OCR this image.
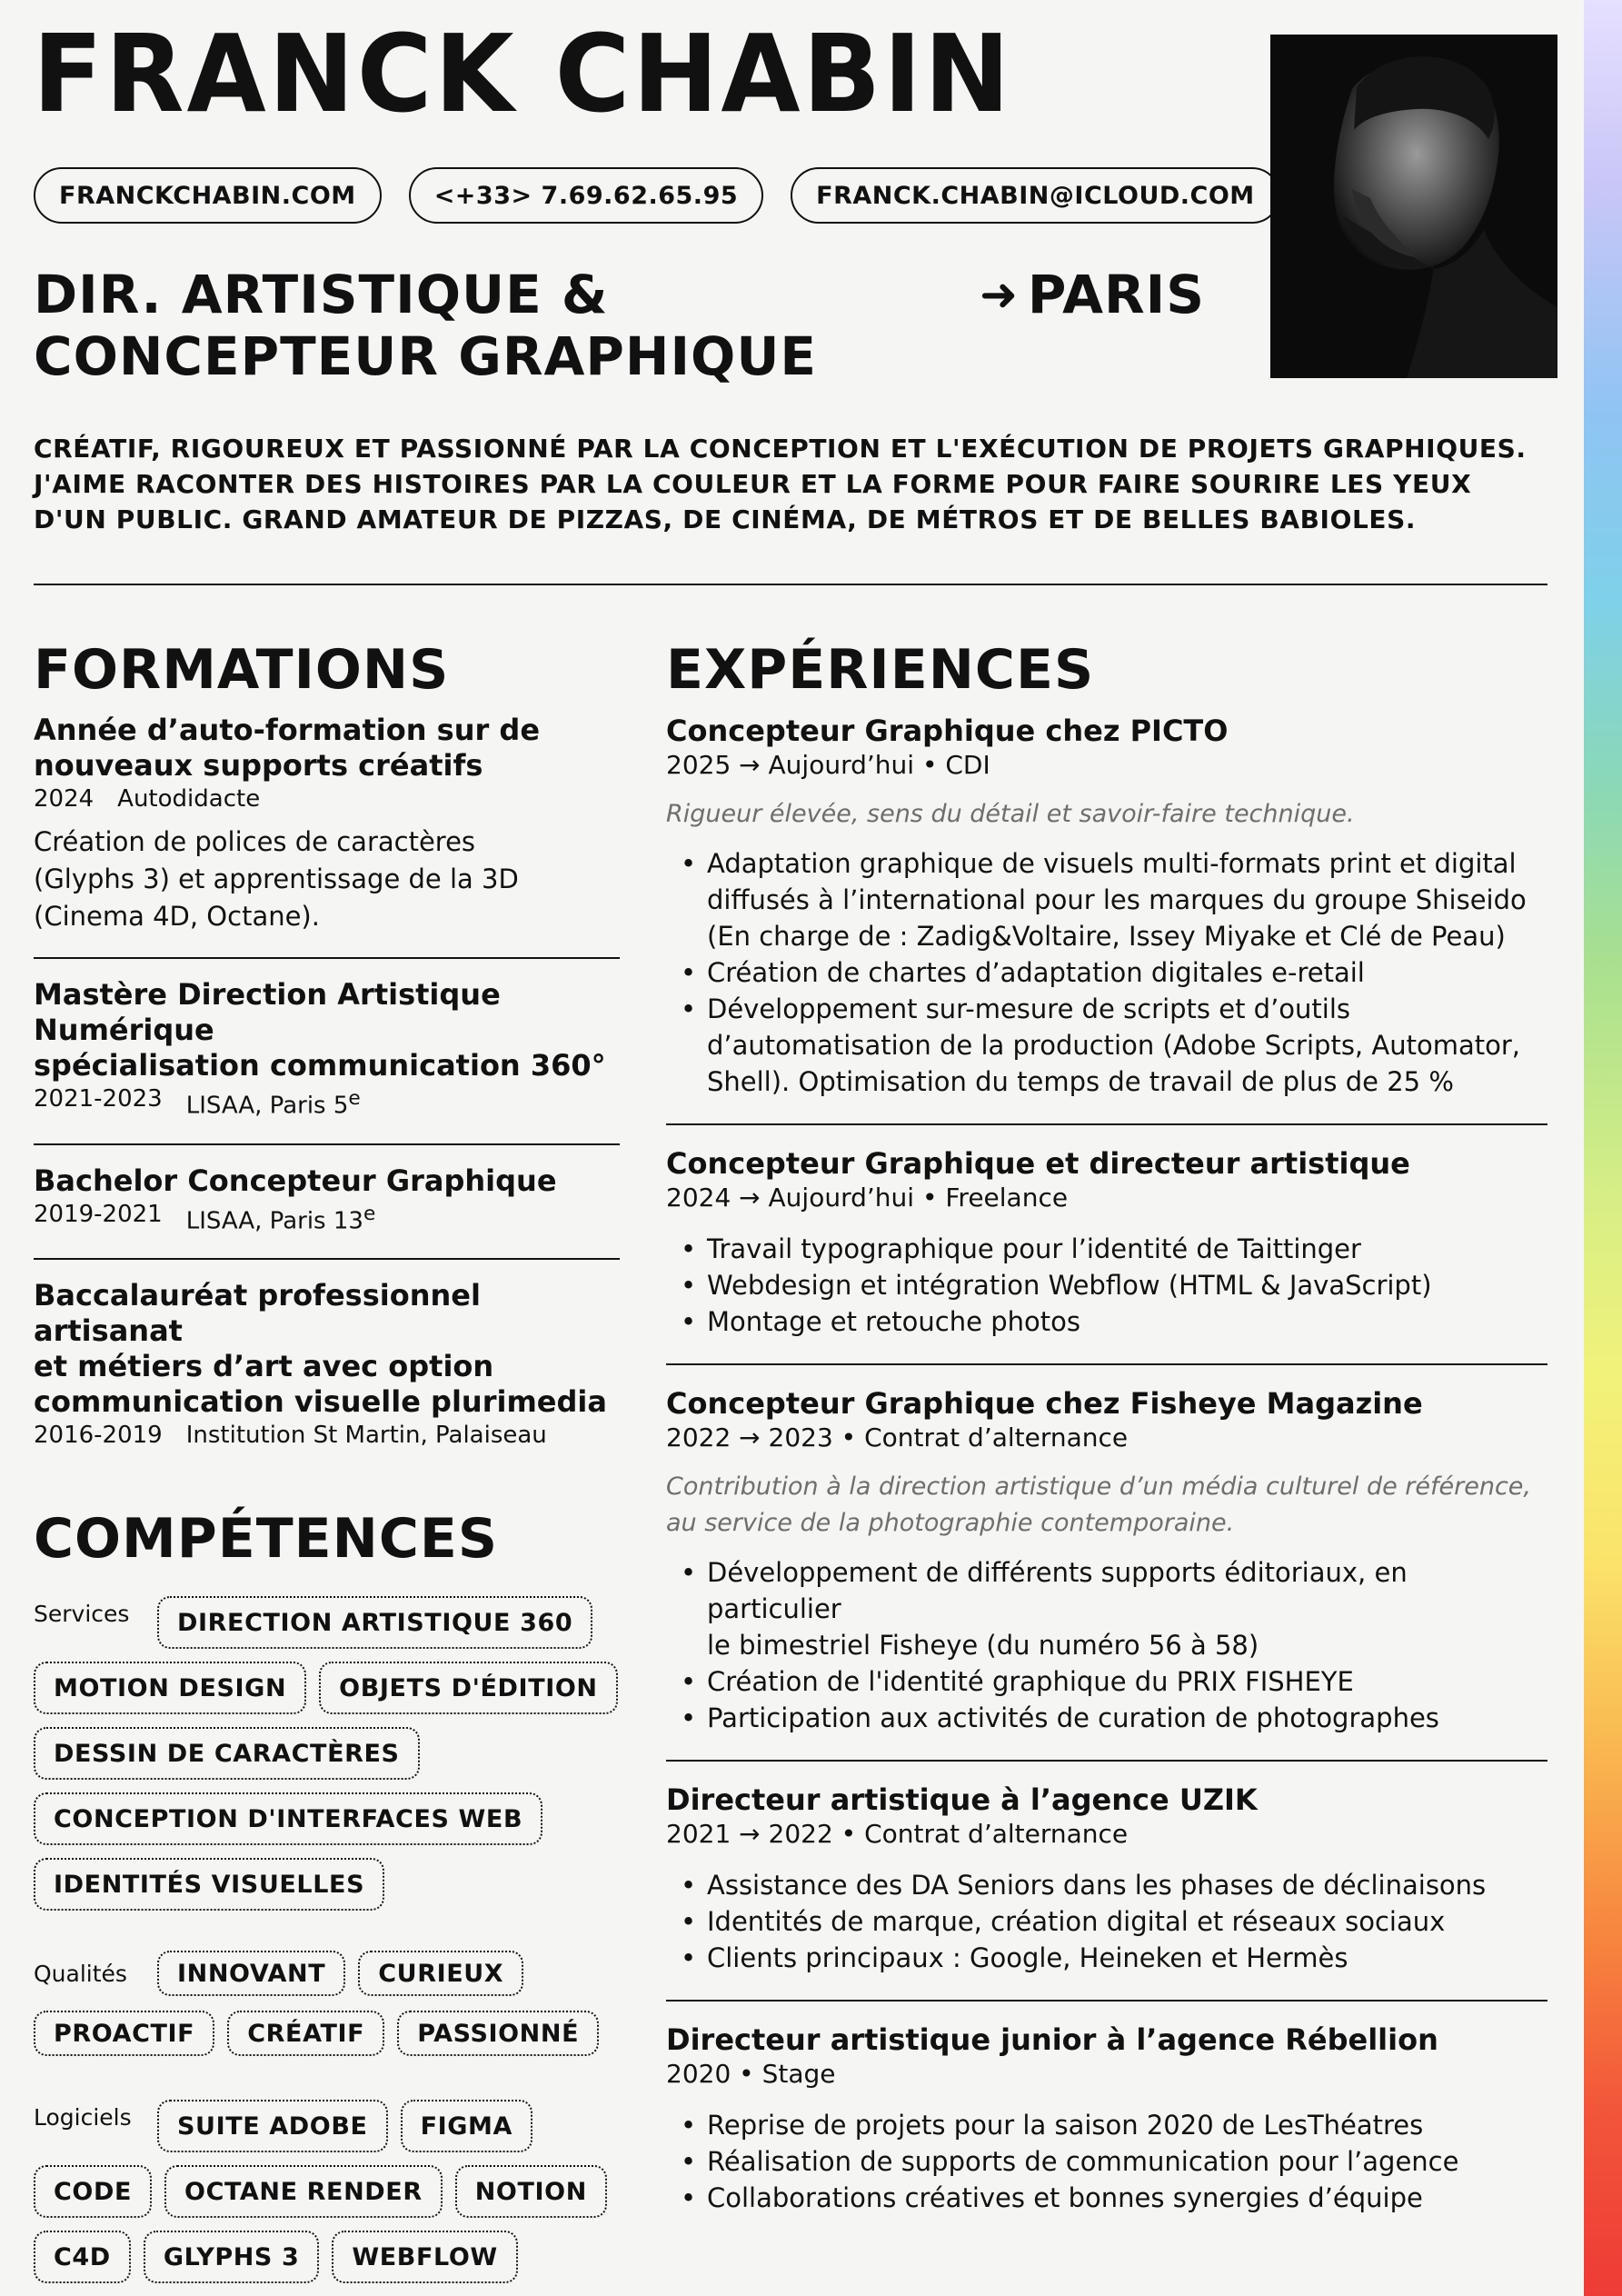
FRANCK CHABIN
FRANCKCHABIN.COM	<+33> 7.69.62.65.95	FRANCK.CHABIN@ICLOUD.COM
DIR. ARTISTIQUE &
CONCEPTEUR GRAPHIQUE
➜ PARIS
CRÉATIF, RIGOUREUX ET PASSIONNÉ PAR LA CONCEPTION ET L'EXÉCUTION DE PROJETS GRAPHIQUES.
J'AIME RACONTER DES HISTOIRES PAR LA COULEUR ET LA FORME POUR FAIRE SOURIRE LES YEUX
D'UN PUBLIC. GRAND AMATEUR DE PIZZAS, DE CINÉMA, DE MÉTROS ET DE BELLES BABIOLES.
FORMATIONS
Année d’auto-formation sur de
nouveaux supports créatifs
2024 Autodidacte
Création de polices de caractères
(Glyphs 3) et apprentissage de la 3D
(Cinema 4D, Octane).
Mastère Direction Artistique Numérique
spécialisation communication 360°
2021-2023 LISAA, Paris 5e
Bachelor Concepteur Graphique
2019-2021 LISAA, Paris 13e
Baccalauréat professionnel artisanat
et métiers d’art avec option
communication visuelle plurimedia
2016-2019 Institution St Martin, Palaiseau
COMPÉTENCES
Services	DIRECTION ARTISTIQUE 360
MOTION DESIGN	OBJETS D'ÉDITION
DESSIN DE CARACTÈRES
CONCEPTION D'INTERFACES WEB
IDENTITÉS VISUELLES
Qualités	INNOVANT	CURIEUX
PROACTIF	CRÉATIF	PASSIONNÉ
Logiciels	SUITE ADOBE	FIGMA
CODE	OCTANE RENDER	NOTION
C4D	GLYPHS 3	WEBFLOW
EXPÉRIENCES
Concepteur Graphique chez PICTO
2025 → Aujourd’hui • CDI
Rigueur élevée, sens du détail et savoir-faire technique.
• Adaptation graphique de visuels multi-formats print et digital
diffusés à l’international pour les marques du groupe Shiseido
(En charge de : Zadig&Voltaire, Issey Miyake et Clé de Peau)
• Création de chartes d’adaptation digitales e-retail
• Développement sur-mesure de scripts et d’outils
d’automatisation de la production (Adobe Scripts, Automator,
Shell). Optimisation du temps de travail de plus de 25 %
Concepteur Graphique et directeur artistique
2024 → Aujourd’hui • Freelance
• Travail typographique pour l’identité de Taittinger
• Webdesign et intégration Webflow (HTML & JavaScript)
• Montage et retouche photos
Concepteur Graphique chez Fisheye Magazine
2022 → 2023 • Contrat d’alternance
Contribution à la direction artistique d’un média culturel de référence,
au service de la photographie contemporaine.
• Développement de différents supports éditoriaux, en particulier
le bimestriel Fisheye (du numéro 56 à 58)
• Création de l'identité graphique du PRIX FISHEYE
• Participation aux activités de curation de photographes
Directeur artistique à l’agence UZIK
2021 → 2022 • Contrat d’alternance
• Assistance des DA Seniors dans les phases de déclinaisons
• Identités de marque, création digital et réseaux sociaux
• Clients principaux : Google, Heineken et Hermès
Directeur artistique junior à l’agence Rébellion
2020 • Stage
• Reprise de projets pour la saison 2020 de LesThéatres
• Réalisation de supports de communication pour l’agence
• Collaborations créatives et bonnes synergies d’équipe
